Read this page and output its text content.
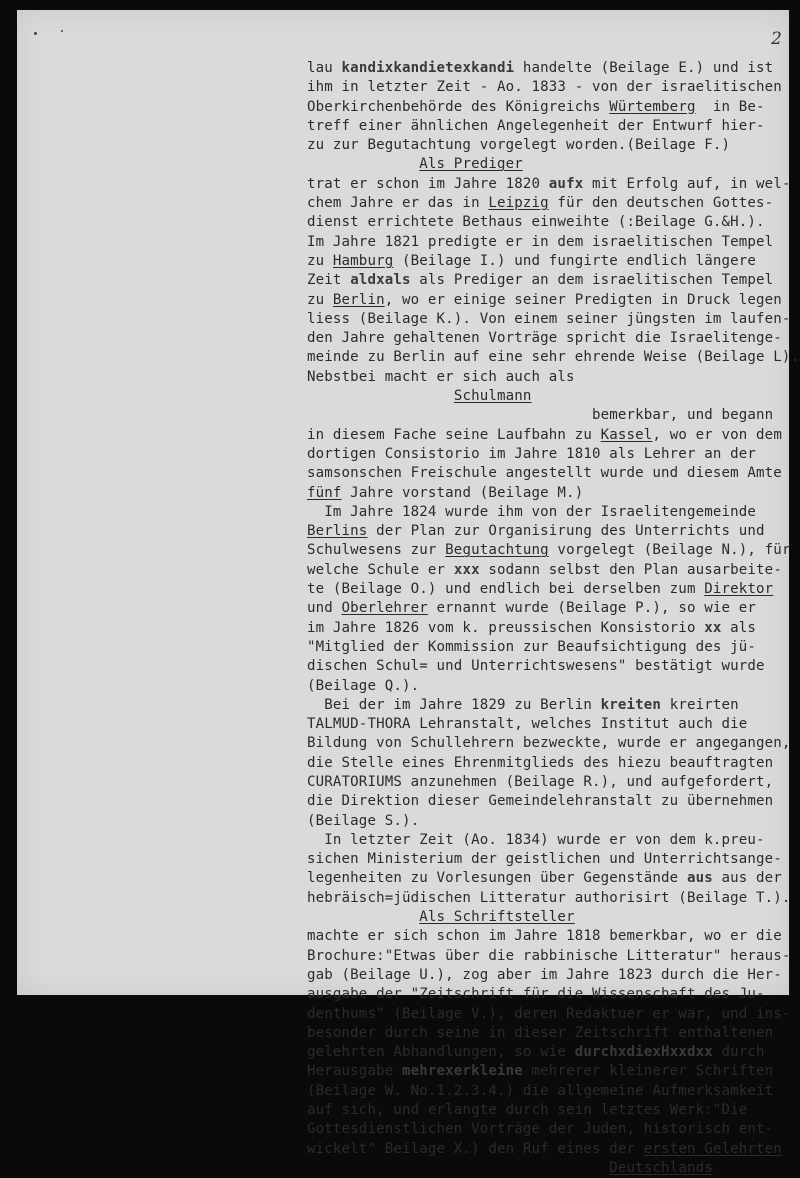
2
lau kandixkandietexkandi handelte (Beilage E.) und ist
ihm in letzter Zeit - Ao. 1833 - von der israelitischen
Oberkirchenbehörde des Königreichs Würtemberg  in Be-
treff einer ähnlichen Angelegenheit der Entwurf hier-
zu zur Begutachtung vorgelegt worden.(Beilage F.)
Als Prediger
trat er schon im Jahre 1820 aufx mit Erfolg auf, in wel-
chem Jahre er das in Leipzig für den deutschen Gottes-
dienst errichtete Bethaus einweihte (:Beilage G.&H.).
Im Jahre 1821 predigte er in dem israelitischen Tempel
zu Hamburg (Beilage I.) und fungirte endlich längere
Zeit aldxals als Prediger an dem israelitischen Tempel
zu Berlin, wo er einige seiner Predigten in Druck legen
liess (Beilage K.). Von einem seiner jüngsten im laufen-
den Jahre gehaltenen Vorträge spricht die Israelitenge-
meinde zu Berlin auf eine sehr ehrende Weise (Beilage L).
Nebstbei macht er sich auch als
Schulmann
bemerkbar, und begann
in diesem Fache seine Laufbahn zu Kassel, wo er von dem
dortigen Consistorio im Jahre 1810 als Lehrer an der
samsonschen Freischule angestellt wurde und diesem Amte
fünf Jahre vorstand (Beilage M.)
Im Jahre 1824 wurde ihm von der Israelitengemeinde
Berlins der Plan zur Organisirung des Unterrichts und
Schulwesens zur Begutachtung vorgelegt (Beilage N.), für
welche Schule er xxx sodann selbst den Plan ausarbeite-
te (Beilage O.) und endlich bei derselben zum Direktor
und Oberlehrer ernannt wurde (Beilage P.), so wie er
im Jahre 1826 vom k. preussischen Konsistorio xx als
"Mitglied der Kommission zur Beaufsichtigung des jü-
dischen Schul= und Unterrichtswesens" bestätigt wurde
(Beilage Q.).
Bei der im Jahre 1829 zu Berlin kreiten kreirten
TALMUD-THORA Lehranstalt, welches Institut auch die
Bildung von Schullehrern bezweckte, wurde er angegangen,
die Stelle eines Ehrenmitglieds des hiezu beauftragten
CURATORIUMS anzunehmen (Beilage R.), und aufgefordert,
die Direktion dieser Gemeindelehranstalt zu übernehmen
(Beilage S.).
In letzter Zeit (Ao. 1834) wurde er von dem k.preu-
sichen Ministerium der geistlichen und Unterrichtsange-
legenheiten zu Vorlesungen über Gegenstände aus aus der
hebräisch=jüdischen Litteratur authorisirt (Beilage T.).
Als Schriftsteller
machte er sich schon im Jahre 1818 bemerkbar, wo er die
Brochure:"Etwas über die rabbinische Litteratur" heraus-
gab (Beilage U.), zog aber im Jahre 1823 durch die Her-
ausgabe der "Zeitschrift für die Wissenschaft des Ju-
denthums" (Beilage V.), deren Redaktuer er war, und ins-
besonder durch seine in dieser Zeitschrift enthaltenen
gelehrten Abhandlungen, so wie durchxdiexHxxdxx durch
Herausgabe mehrexerkleine mehrerer kleinerer Schriften
(Beilage W. No.1.2.3.4.) die allgemeine Aufmerksamkeit
auf sich, und erlangte durch sein letztes Werk:"Die
Gottesdienstlichen Vorträge der Juden, historisch ent-
wickelt" Beilage X.) den Ruf eines der ersten Gelehrten
Deutschlands
